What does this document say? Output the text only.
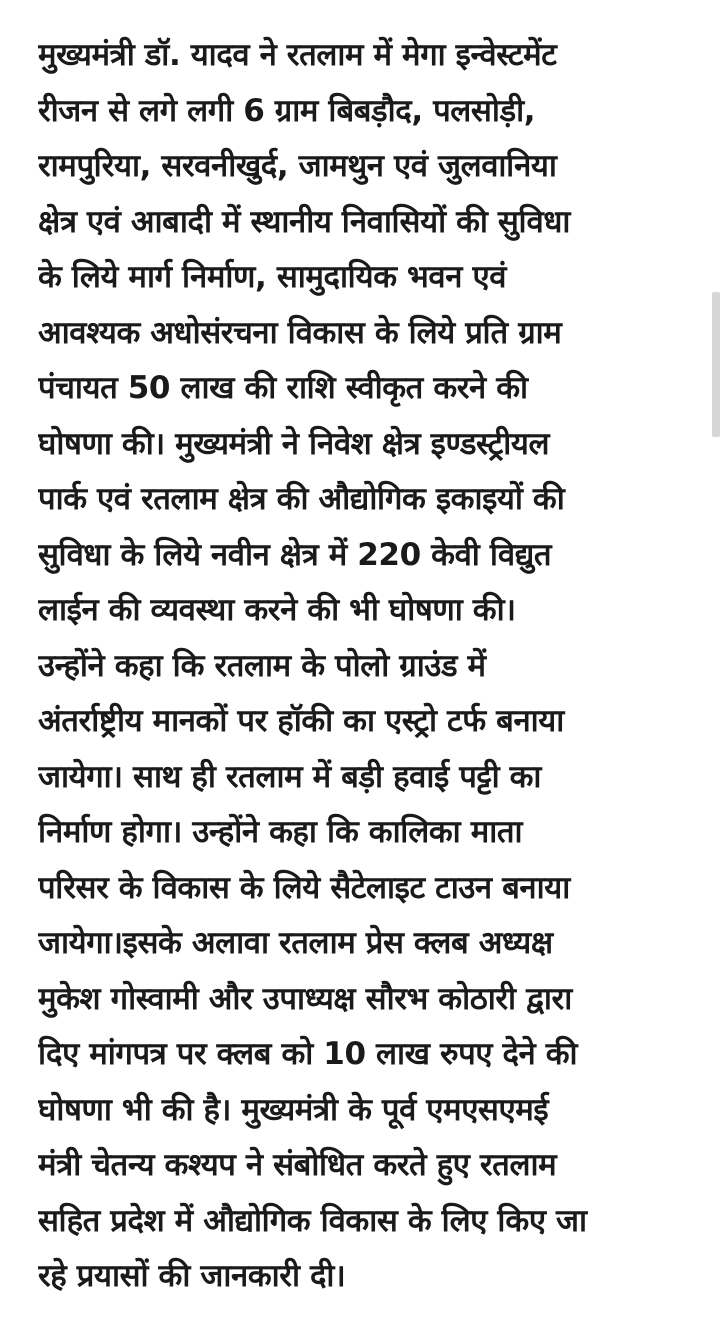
मुख्यमंत्री डॉ. यादव ने रतलाम में मेगा इन्वेस्टमेंट
रीजन से लगे लगी 6 ग्राम बिबड़ौद, पलसोड़ी,
रामपुरिया, सरवनीखुर्द, जामथुन एवं जुलवानिया
क्षेत्र एवं आबादी में स्थानीय निवासियों की सुविधा
के लिये मार्ग निर्माण, सामुदायिक भवन एवं
आवश्यक अधोसंरचना विकास के लिये प्रति ग्राम
पंचायत 50 लाख की राशि स्वीकृत करने की
घोषणा की। मुख्यमंत्री ने निवेश क्षेत्र इण्डस्ट्रीयल
पार्क एवं रतलाम क्षेत्र की औद्योगिक इकाइयों की
सुविधा के लिये नवीन क्षेत्र में 220 केवी विद्युत
लाईन की व्यवस्था करने की भी घोषणा की।
उन्होंने कहा कि रतलाम के पोलो ग्राउंड में
अंतर्राष्ट्रीय मानकों पर हॉकी का एस्ट्रो टर्फ बनाया
जायेगा। साथ ही रतलाम में बड़ी हवाई पट्टी का
निर्माण होगा। उन्होंने कहा कि कालिका माता
परिसर के विकास के लिये सैटेलाइट टाउन बनाया
जायेगा।इसके अलावा रतलाम प्रेस क्लब अध्यक्ष
मुकेश गोस्वामी और उपाध्यक्ष सौरभ कोठारी द्वारा
दिए मांगपत्र पर क्लब को 10 लाख रुपए देने की
घोषणा भी की है। मुख्यमंत्री के पूर्व एमएसएमई
मंत्री चेतन्य कश्यप ने संबोधित करते हुए रतलाम
सहित प्रदेश में औद्योगिक विकास के लिए किए जा
रहे प्रयासों की जानकारी दी।
